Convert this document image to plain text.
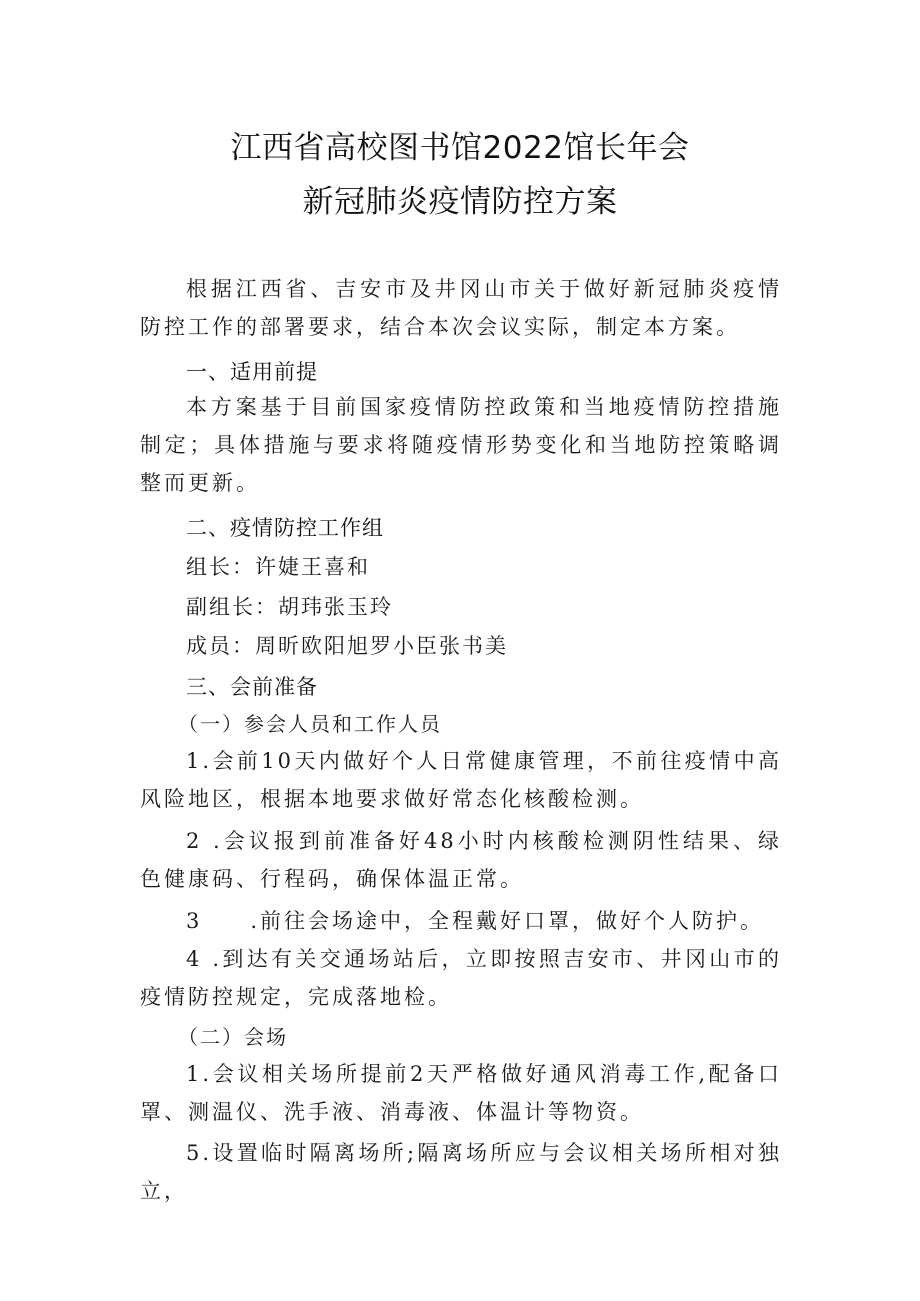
江西省高校图书馆2022馆长年会
新冠肺炎疫情防控方案
根据江西省、吉安市及井冈山市关于做好新冠肺炎疫情防控工作的部署要求，结合本次会议实际，制定本方案。
一、适用前提
本方案基于目前国家疫情防控政策和当地疫情防控措施制定；具体措施与要求将随疫情形势变化和当地防控策略调整而更新。
二、疫情防控工作组
组长：许婕王喜和
副组长：胡玮张玉玲
成员：周昕欧阳旭罗小臣张书美
三、会前准备
（一）参会人员和工作人员
1.会前10天内做好个人日常健康管理，不前往疫情中高风险地区，根据本地要求做好常态化核酸检测。
2 .会议报到前准备好48小时内核酸检测阴性结果、绿色健康码、行程码，确保体温正常。
3　　.前往会场途中，全程戴好口罩，做好个人防护。
4 .到达有关交通场站后，立即按照吉安市、井冈山市的疫情防控规定，完成落地检。
（二）会场
1.会议相关场所提前2天严格做好通风消毒工作,配备口罩、测温仪、洗手液、消毒液、体温计等物资。
5.设置临时隔离场所;隔离场所应与会议相关场所相对独立，
